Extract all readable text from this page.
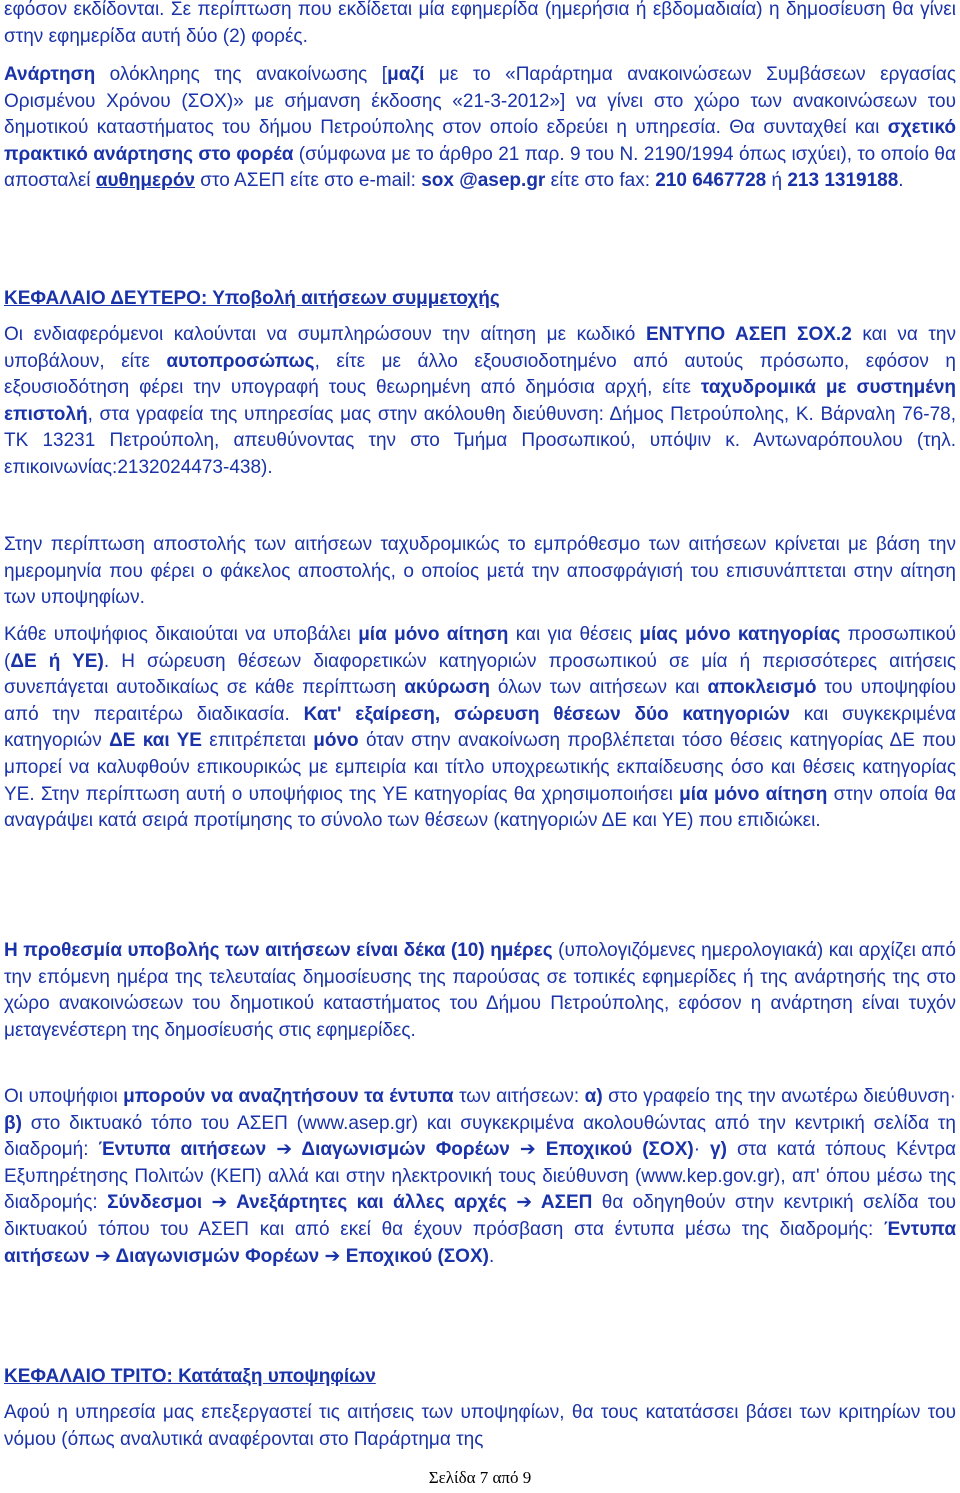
εφόσον εκδίδονται. Σε περίπτωση που εκδίδεται μία εφημερίδα (ημερήσια ή εβδομαδιαία) η δημοσίευση θα γίνει στην εφημερίδα αυτή δύο (2) φορές.

Ανάρτηση ολόκληρης της ανακοίνωσης [μαζί με το «Παράρτημα ανακοινώσεων Συμβάσεων εργασίας Ορισμένου Χρόνου (ΣΟΧ)» με σήμανση έκδοσης «21-3-2012»] να γίνει στο χώρο των ανακοινώσεων του δημοτικού καταστήματος του δήμου Πετρούπολης στον οποίο εδρεύει η υπηρεσία. Θα συνταχθεί και σχετικό πρακτικό ανάρτησης στο φορέα (σύμφωνα με το άρθρο 21 παρ. 9 του Ν. 2190/1994 όπως ισχύει), το οποίο θα αποσταλεί αυθημερόν στο ΑΣΕΠ είτε στο e-mail: sox @asep.gr είτε στο fax: 210 6467728 ή 213 1319188.

ΚΕΦΑΛΑΙΟ ΔΕΥΤΕΡΟ: Υποβολή αιτήσεων συμμετοχής

Οι ενδιαφερόμενοι καλούνται να συμπληρώσουν την αίτηση με κωδικό ΕΝΤΥΠΟ ΑΣΕΠ ΣΟΧ.2 και να την υποβάλουν, είτε αυτοπροσώπως, είτε με άλλο εξουσιοδοτημένο από αυτούς πρόσωπο, εφόσον η εξουσιοδότηση φέρει την υπογραφή τους θεωρημένη από δημόσια αρχή, είτε ταχυδρομικά με συστημένη επιστολή, στα γραφεία της υπηρεσίας μας στην ακόλουθη διεύθυνση: Δήμος Πετρούπολης, Κ. Βάρναλη 76-78, ΤΚ 13231 Πετρούπολη, απευθύνοντας την στο Τμήμα Προσωπικού, υπόψιν κ. Αντωναρόπουλου (τηλ. επικοινωνίας:2132024473-438).

Στην περίπτωση αποστολής των αιτήσεων ταχυδρομικώς το εμπρόθεσμο των αιτήσεων κρίνεται με βάση την ημερομηνία που φέρει ο φάκελος αποστολής, ο οποίος μετά την αποσφράγισή του επισυνάπτεται στην αίτηση των υποψηφίων.

Κάθε υποψήφιος δικαιούται να υποβάλει μία μόνο αίτηση και για θέσεις μίας μόνο κατηγορίας προσωπικού (ΔΕ ή ΥΕ). Η σώρευση θέσεων διαφορετικών κατηγοριών προσωπικού σε μία ή περισσότερες αιτήσεις συνεπάγεται αυτοδικαίως σε κάθε περίπτωση ακύρωση όλων των αιτήσεων και αποκλεισμό του υποψηφίου από την περαιτέρω διαδικασία. Κατ' εξαίρεση, σώρευση θέσεων δύο κατηγοριών και συγκεκριμένα κατηγοριών ΔΕ και ΥΕ επιτρέπεται μόνο όταν στην ανακοίνωση προβλέπεται τόσο θέσεις κατηγορίας ΔΕ που μπορεί να καλυφθούν επικουρικώς με εμπειρία και τίτλο υποχρεωτικής εκπαίδευσης όσο και θέσεις κατηγορίας ΥΕ. Στην περίπτωση αυτή ο υποψήφιος της ΥΕ κατηγορίας θα χρησιμοποιήσει μία μόνο αίτηση στην οποία θα αναγράψει κατά σειρά προτίμησης το σύνολο των θέσεων (κατηγοριών ΔΕ και ΥΕ) που επιδιώκει.

Η προθεσμία υποβολής των αιτήσεων είναι δέκα (10) ημέρες (υπολογιζόμενες ημερολογιακά) και αρχίζει από την επόμενη ημέρα της τελευταίας δημοσίευσης της παρούσας σε τοπικές εφημερίδες ή της ανάρτησής της στο χώρο ανακοινώσεων του δημοτικού καταστήματος του Δήμου Πετρούπολης, εφόσον η ανάρτηση είναι τυχόν μεταγενέστερη της δημοσίευσής στις εφημερίδες.

Οι υποψήφιοι μπορούν να αναζητήσουν τα έντυπα των αιτήσεων: α) στο γραφείο της την ανωτέρω διεύθυνση· β) στο δικτυακό τόπο του ΑΣΕΠ (www.asep.gr) και συγκεκριμένα ακολουθώντας από την κεντρική σελίδα τη διαδρομή: Έντυπα αιτήσεων ➔ Διαγωνισμών Φορέων ➔ Εποχικού (ΣΟΧ)· γ) στα κατά τόπους Κέντρα Εξυπηρέτησης Πολιτών (ΚΕΠ) αλλά και στην ηλεκτρονική τους διεύθυνση (www.kep.gov.gr), απ' όπου μέσω της διαδρομής: Σύνδεσμοι ➔ Ανεξάρτητες και άλλες αρχές ➔ ΑΣΕΠ θα οδηγηθούν στην κεντρική σελίδα του δικτυακού τόπου του ΑΣΕΠ και από εκεί θα έχουν πρόσβαση στα έντυπα μέσω της διαδρομής: Έντυπα αιτήσεων ➔ Διαγωνισμών Φορέων ➔ Εποχικού (ΣΟΧ).

ΚΕΦΑΛΑΙΟ ΤΡΙΤΟ: Κατάταξη υποψηφίων

Αφού η υπηρεσία μας επεξεργαστεί τις αιτήσεις των υποψηφίων, θα τους κατατάσσει βάσει των κριτηρίων του νόμου (όπως αναλυτικά αναφέρονται στο Παράρτημα της

Σελίδα 7 από 9
